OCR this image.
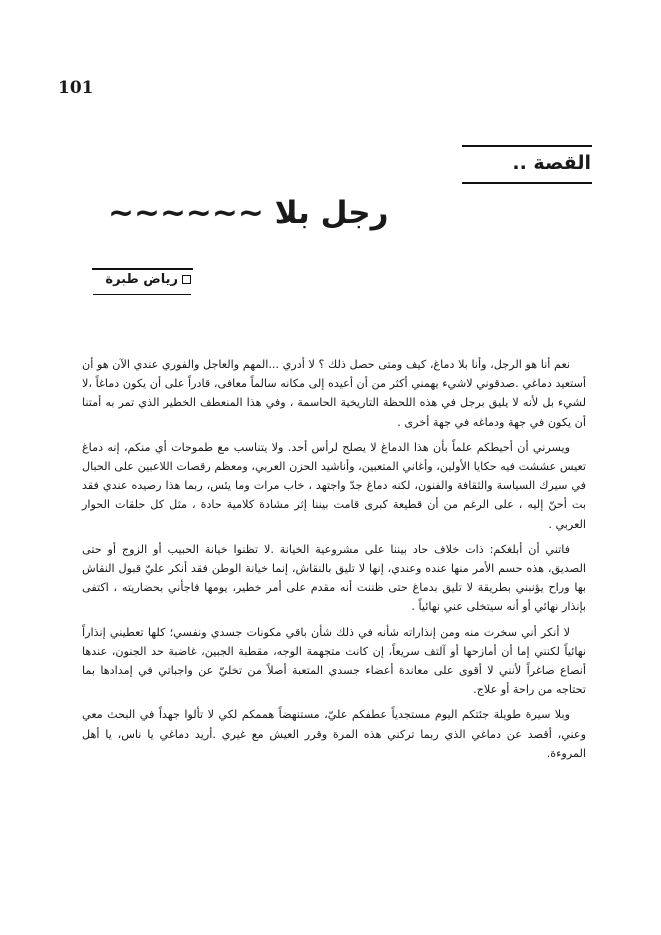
101
القصة ..
رجل بلا ~~~~~~
رياض طبرة

نعم أنا هو الرجل، وأنا بلا دماغ، كيف ومتى حصل ذلك ؟ لا أدري ...المهم والعاجل والفوري عندي الآن هو أن أستعيد دماغي .صدقوني لاشيء يهمني أكثر من أن أعيده إلى مكانه سالماً معافى، قادراً على أن يكون دماغاً ،لا لشيء بل لأنه لا يليق برجل في هذه اللحظة التاريخية الحاسمة ، وفي هذا المنعطف الخطير الذي تمر به أمتنا أن يكون في جهة ودماغه في جهة أخرى .

ويسرني أن أحيطكم علماً بأن هذا الدماغ لا يصلح لرأس أحد. ولا يتناسب مع طموحات أي منكم، إنه دماغ تعيس عششت فيه حكايا الأولين، وأغاني المتعبين، وأناشيد الحزن العربي، ومعظم رقصات اللاعبين على الحبال في سيرك السياسة والثقافة والفنون، لكنه دماغ جدّ واجتهد ، خاب مرات وما يئس، ربما هذا رصيده عندي فقد بت أحنّ إليه ، على الرغم من أن قطيعة كبرى قامت بيننا إثر مشادة كلامية حادة ، مثل كل حلقات الحوار العربي .

فاتني أن أبلغكم: ذات خلاف حاد بيننا على مشروعية الخيانة .لا تظنوا خيانة الحبيب أو الزوج أو حتى الصديق، هذه حسم الأمر منها عنده وعندي، إنها لا تليق بالنقاش، إنما خيانة الوطن فقد أنكر عليّ قبول النقاش بها وراح يؤنبني بطريقة لا تليق بدماغ حتى ظننت أنه مقدم على أمر خطير، يومها فاجأني بحضاريته ، اكتفى بإنذار نهائي أو أنه سيتخلى عني نهائياً .

لا أنكر أني سخرت منه ومن إنذاراته شأنه في ذلك شأن باقي مكونات جسدي ونفسي؛ كلها تعطيني إنذاراً نهائياً لكنني إما أن أمازحها أو آلتف سريعاً، إن كانت متجهمة الوجه، مقطبة الجبين، غاضبة حد الجنون، عندها أنصاع صاغراً لأنني لا أقوى على معاندة أعضاء جسدي المتعبة أصلاً من تخليّ عن واجباتي في إمدادها بما تحتاجه من راحة أو علاج.

وبلا سيرة طويلة جئتكم اليوم مستجدياً عطفكم عليّ، مستنهضاً هممكم لكي لا تألوا جهداً في البحث معي وعني، أقصد عن دماغي الذي ربما تركني هذه المرة وقرر العيش مع غيري .أريد دماغي يا ناس، يا أهل المروءة.
